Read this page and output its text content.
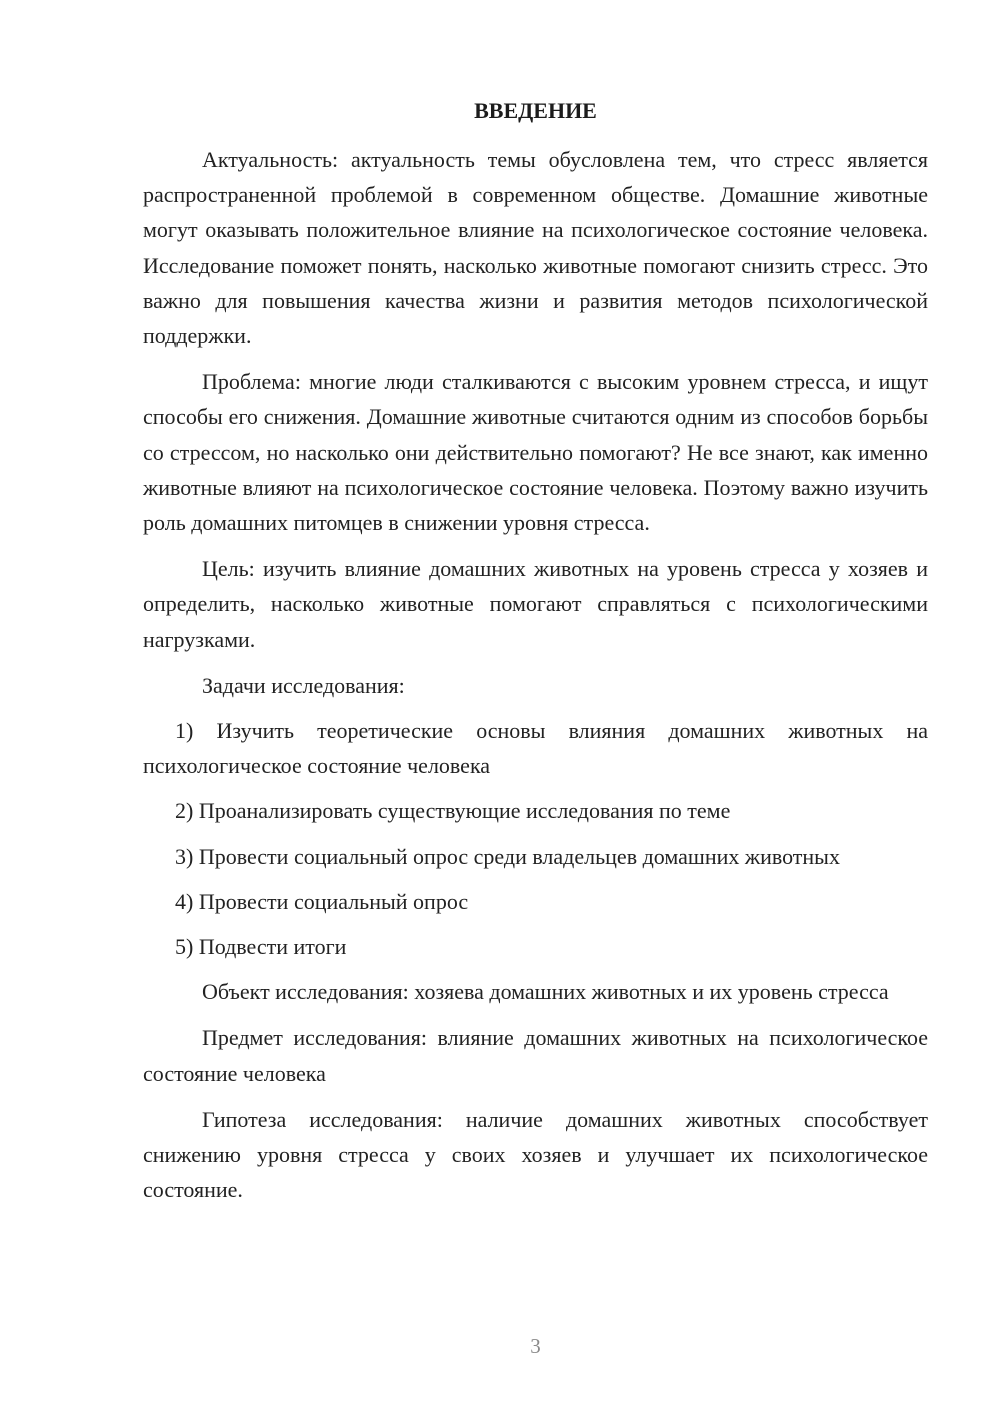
ВВЕДЕНИЕ

Актуальность: актуальность темы обусловлена тем, что стресс является распространенной проблемой в современном обществе. Домашние животные могут оказывать положительное влияние на психологическое состояние человека. Исследование поможет понять, насколько животные помогают снизить стресс. Это важно для повышения качества жизни и развития методов психологической поддержки.

Проблема: многие люди сталкиваются с высоким уровнем стресса, и ищут способы его снижения. Домашние животные считаются одним из способов борьбы со стрессом, но насколько они действительно помогают? Не все знают, как именно животные влияют на психологическое состояние человека. Поэтому важно изучить роль домашних питомцев в снижении уровня стресса.

Цель: изучить влияние домашних животных на уровень стресса у хозяев и определить, насколько животные помогают справляться с психологическими нагрузками.

Задачи исследования:

1) Изучить теоретические основы влияния домашних животных на психологическое состояние человека

2) Проанализировать существующие исследования по теме

3) Провести социальный опрос среди владельцев домашних животных

4) Провести социальный опрос

5) Подвести итоги

Объект исследования: хозяева домашних животных и их уровень стресса

Предмет исследования: влияние домашних животных на психологическое состояние человека

Гипотеза исследования: наличие домашних животных способствует снижению уровня стресса у своих хозяев и улучшает их психологическое состояние.

3
